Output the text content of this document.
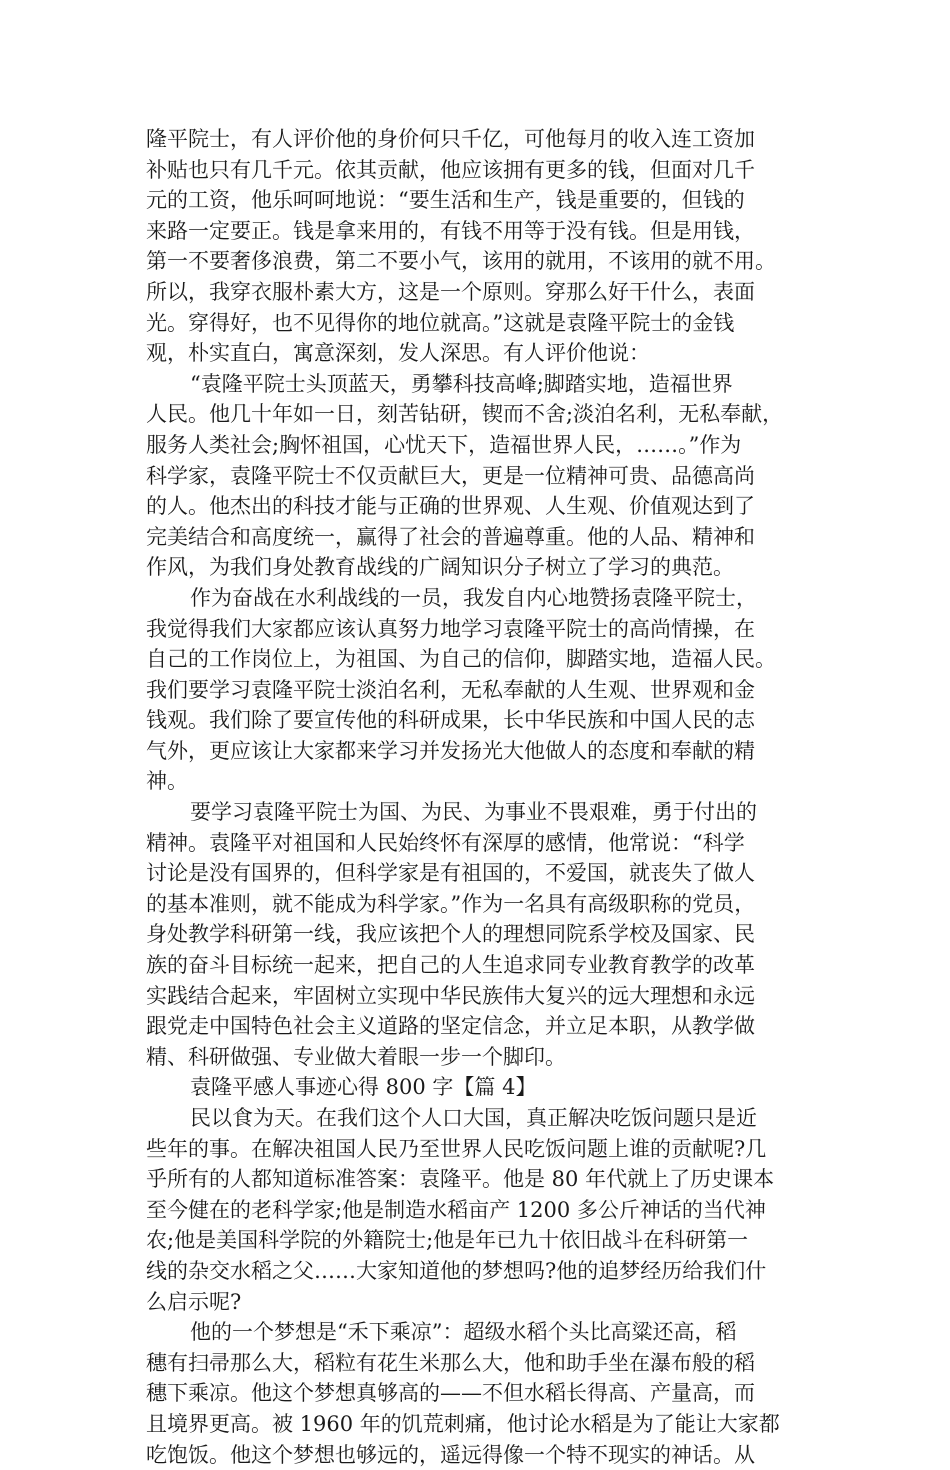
隆平院士，有人评价他的身价何只千亿，可他每月的收入连工资加
补贴也只有几千元。依其贡献，他应该拥有更多的钱，但面对几千
元的工资，他乐呵呵地说：“要生活和生产，钱是重要的，但钱的
来路一定要正。钱是拿来用的，有钱不用等于没有钱。但是用钱，
第一不要奢侈浪费，第二不要小气，该用的就用，不该用的就不用。
所以，我穿衣服朴素大方，这是一个原则。穿那么好干什么，表面
光。穿得好，也不见得你的地位就高。”这就是袁隆平院士的金钱
观，朴实直白，寓意深刻，发人深思。有人评价他说：
“袁隆平院士头顶蓝天，勇攀科技高峰;脚踏实地，造福世界
人民。他几十年如一日，刻苦钻研，锲而不舍;淡泊名利，无私奉献，
服务人类社会;胸怀祖国，心忧天下，造福世界人民，……。”作为
科学家，袁隆平院士不仅贡献巨大，更是一位精神可贵、品德高尚
的人。他杰出的科技才能与正确的世界观、人生观、价值观达到了
完美结合和高度统一，赢得了社会的普遍尊重。他的人品、精神和
作风，为我们身处教育战线的广阔知识分子树立了学习的典范。
作为奋战在水利战线的一员，我发自内心地赞扬袁隆平院士，
我觉得我们大家都应该认真努力地学习袁隆平院士的高尚情操，在
自己的工作岗位上，为祖国、为自己的信仰，脚踏实地，造福人民。
我们要学习袁隆平院士淡泊名利，无私奉献的人生观、世界观和金
钱观。我们除了要宣传他的科研成果，长中华民族和中国人民的志
气外，更应该让大家都来学习并发扬光大他做人的态度和奉献的精
神。
要学习袁隆平院士为国、为民、为事业不畏艰难，勇于付出的
精神。袁隆平对祖国和人民始终怀有深厚的感情，他常说：“科学
讨论是没有国界的，但科学家是有祖国的，不爱国，就丧失了做人
的基本准则，就不能成为科学家。”作为一名具有高级职称的党员，
身处教学科研第一线，我应该把个人的理想同院系学校及国家、民
族的奋斗目标统一起来，把自己的人生追求同专业教育教学的改革
实践结合起来，牢固树立实现中华民族伟大复兴的远大理想和永远
跟党走中国特色社会主义道路的坚定信念，并立足本职，从教学做
精、科研做强、专业做大着眼一步一个脚印。
袁隆平感人事迹心得 800 字【篇 4】
民以食为天。在我们这个人口大国，真正解决吃饭问题只是近
些年的事。在解决祖国人民乃至世界人民吃饭问题上谁的贡献呢?几
乎所有的人都知道标准答案：袁隆平。他是 80 年代就上了历史课本
至今健在的老科学家;他是制造水稻亩产 1200 多公斤神话的当代神
农;他是美国科学院的外籍院士;他是年已九十依旧战斗在科研第一
线的杂交水稻之父……大家知道他的梦想吗?他的追梦经历给我们什
么启示呢?
他的一个梦想是“禾下乘凉”：超级水稻个头比高粱还高，稻
穗有扫帚那么大，稻粒有花生米那么大，他和助手坐在瀑布般的稻
穗下乘凉。他这个梦想真够高的——不但水稻长得高、产量高，而
且境界更高。被 1960 年的饥荒刺痛，他讨论水稻是为了能让大家都
吃饱饭。他这个梦想也够远的，遥远得像一个特不现实的神话。从
